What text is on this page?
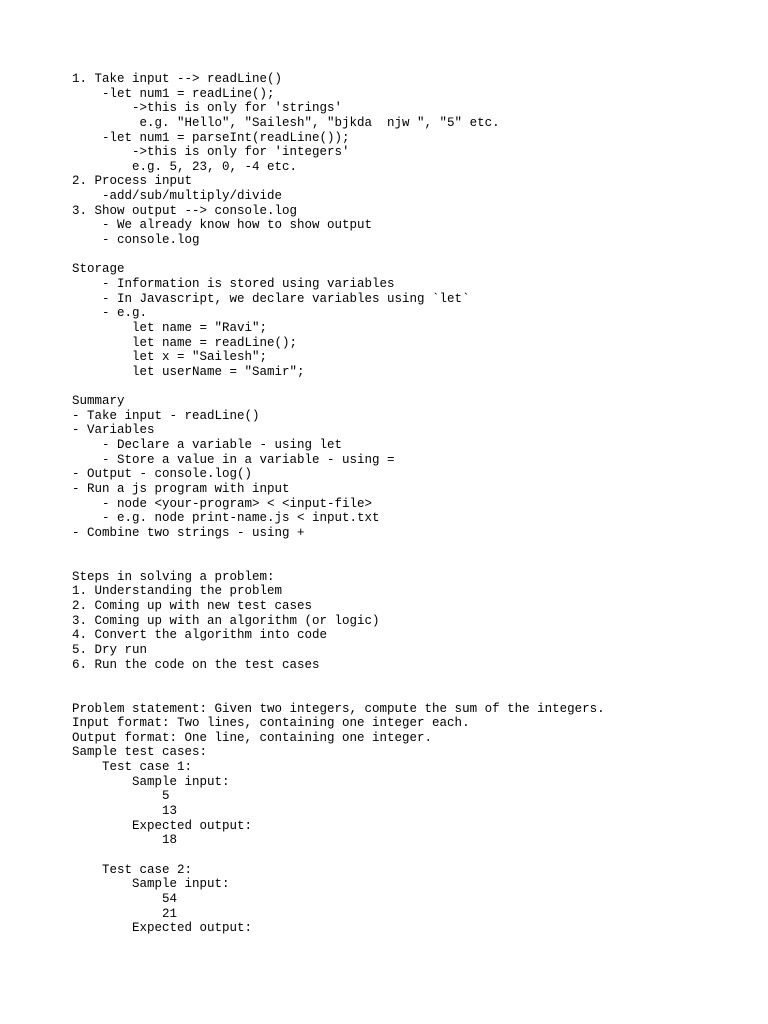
1. Take input --> readLine()
-let num1 = readLine();
->this is only for 'strings'
e.g. "Hello", "Sailesh", "bjkda  njw ", "5" etc.
-let num1 = parseInt(readLine());
->this is only for 'integers'
e.g. 5, 23, 0, -4 etc.
2. Process input
-add/sub/multiply/divide
3. Show output --> console.log
- We already know how to show output
- console.log
Storage
- Information is stored using variables
- In Javascript, we declare variables using `let`
- e.g.
let name = "Ravi";
let name = readLine();
let x = "Sailesh";
let userName = "Samir";
Summary
- Take input - readLine()
- Variables
- Declare a variable - using let
- Store a value in a variable - using =
- Output - console.log()
- Run a js program with input
- node <your-program> < <input-file>
- e.g. node print-name.js < input.txt
- Combine two strings - using +
Steps in solving a problem:
1. Understanding the problem
2. Coming up with new test cases
3. Coming up with an algorithm (or logic)
4. Convert the algorithm into code
5. Dry run
6. Run the code on the test cases
Problem statement: Given two integers, compute the sum of the integers.
Input format: Two lines, containing one integer each.
Output format: One line, containing one integer.
Sample test cases:
Test case 1:
Sample input:
5
13
Expected output:
18
Test case 2:
Sample input:
54
21
Expected output:
